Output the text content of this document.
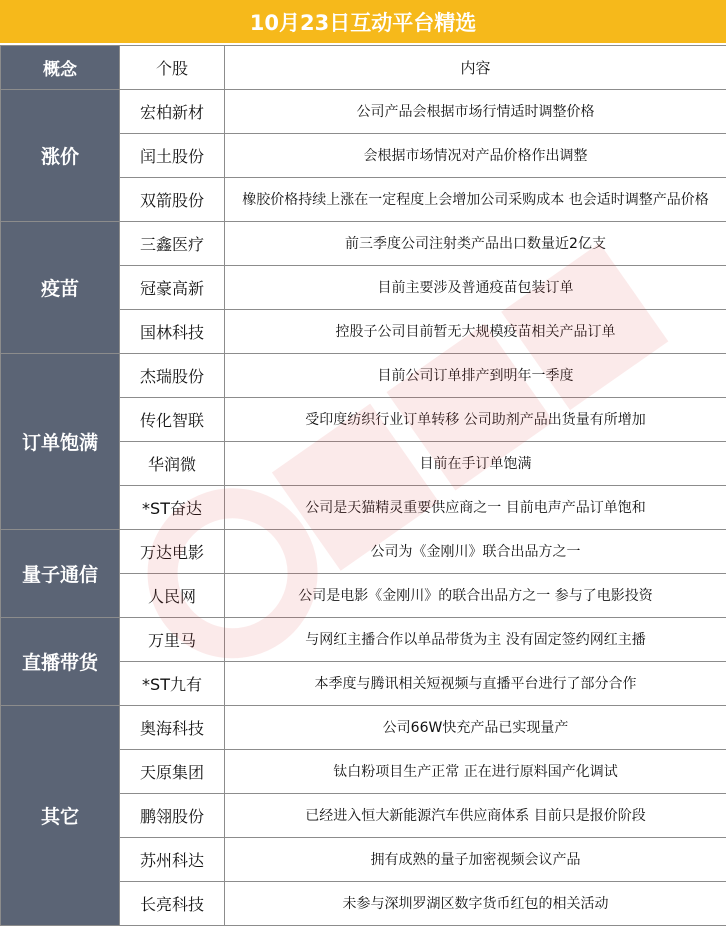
10月23日互动平台精选
概念	个股	内容
涨价	宏柏新材	公司产品会根据市场行情适时调整价格
	闰土股份	会根据市场情况对产品价格作出调整
	双箭股份	橡胶价格持续上涨在一定程度上会增加公司采购成本 也会适时调整产品价格
疫苗	三鑫医疗	前三季度公司注射类产品出口数量近2亿支
	冠豪高新	目前主要涉及普通疫苗包装订单
	国林科技	控股子公司目前暂无大规模疫苗相关产品订单
订单饱满	杰瑞股份	目前公司订单排产到明年一季度
	传化智联	受印度纺织行业订单转移 公司助剂产品出货量有所增加
	华润微	目前在手订单饱满
	*ST奋达	公司是天猫精灵重要供应商之一 目前电声产品订单饱和
量子通信	万达电影	公司为《金刚川》联合出品方之一
	人民网	公司是电影《金刚川》的联合出品方之一 参与了电影投资
直播带货	万里马	与网红主播合作以单品带货为主 没有固定签约网红主播
	*ST九有	本季度与腾讯相关短视频与直播平台进行了部分合作
其它	奥海科技	公司66W快充产品已实现量产
	天原集团	钛白粉项目生产正常 正在进行原料国产化调试
	鹏翎股份	已经进入恒大新能源汽车供应商体系 目前只是报价阶段
	苏州科达	拥有成熟的量子加密视频会议产品
	长亮科技	未参与深圳罗湖区数字货币红包的相关活动
